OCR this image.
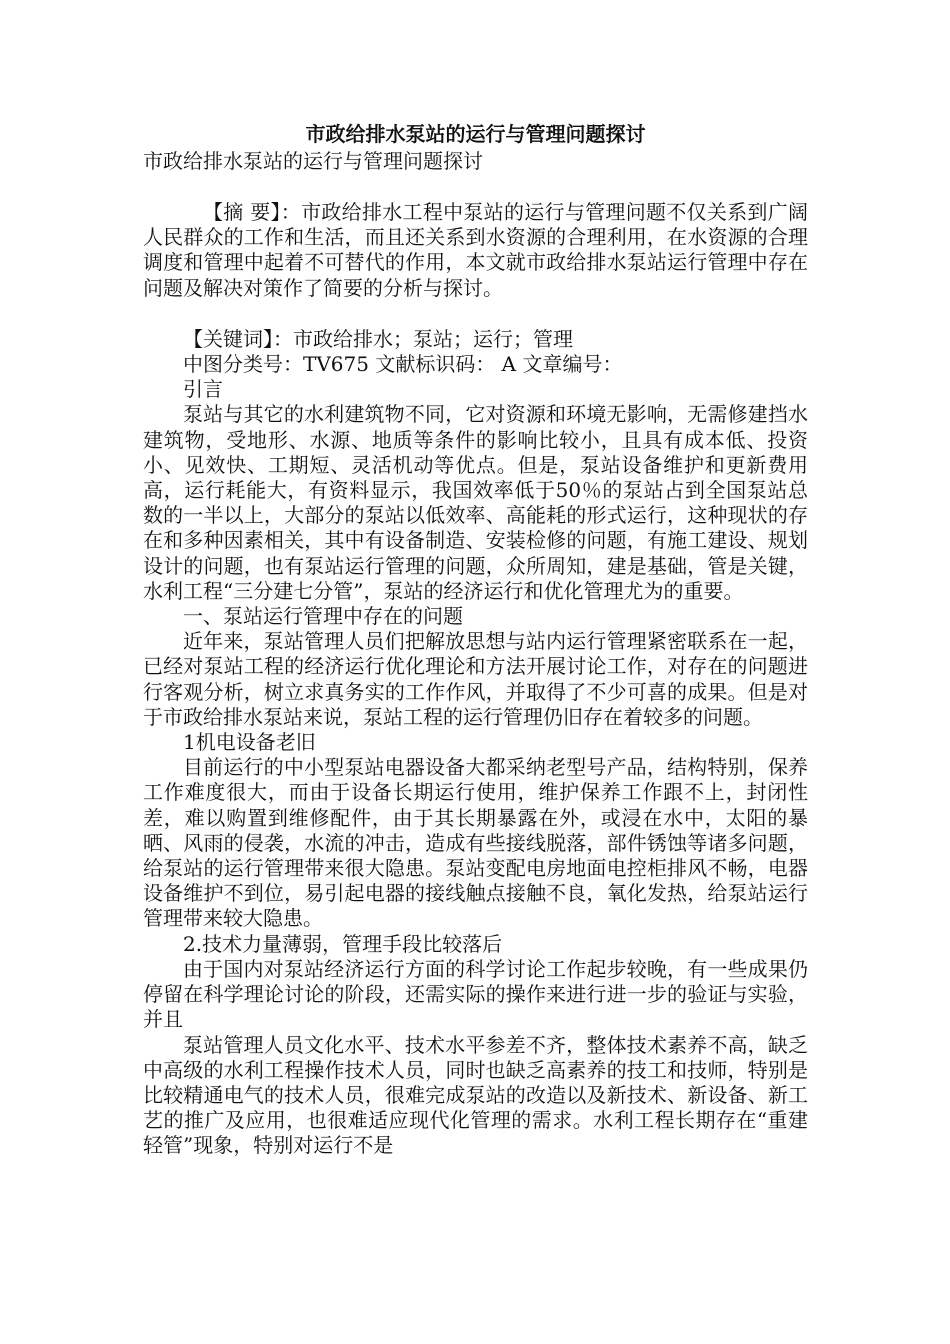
市政给排水泵站的运行与管理问题探讨

市政给排水泵站的运行与管理问题探讨

【摘 要】：市政给排水工程中泵站的运行与管理问题不仅关系到广阔人民群众的工作和生活，而且还关系到水资源的合理利用，在水资源的合理调度和管理中起着不可替代的作用，本文就市政给排水泵站运行管理中存在问题及解决对策作了简要的分析与探讨。

【关键词】：市政给排水；泵站；运行；管理

中图分类号：TV675 文献标识码： A 文章编号：

引言

泵站与其它的水利建筑物不同，它对资源和环境无影响，无需修建挡水建筑物，受地形、水源、地质等条件的影响比较小，且具有成本低、投资小、见效快、工期短、灵活机动等优点。但是，泵站设备维护和更新费用高，运行耗能大，有资料显示，我国效率低于50％的泵站占到全国泵站总数的一半以上，大部分的泵站以低效率、高能耗的形式运行，这种现状的存在和多种因素相关，其中有设备制造、安装检修的问题，有施工建设、规划设计的问题，也有泵站运行管理的问题，众所周知，建是基础，管是关键，水利工程“三分建七分管”，泵站的经济运行和优化管理尤为的重要。

一、泵站运行管理中存在的问题

近年来，泵站管理人员们把解放思想与站内运行管理紧密联系在一起，已经对泵站工程的经济运行优化理论和方法开展讨论工作，对存在的问题进行客观分析，树立求真务实的工作作风，并取得了不少可喜的成果。但是对于市政给排水泵站来说，泵站工程的运行管理仍旧存在着较多的问题。

1机电设备老旧

目前运行的中小型泵站电器设备大都采纳老型号产品，结构特别，保养工作难度很大，而由于设备长期运行使用，维护保养工作跟不上，封闭性差，难以购置到维修配件，由于其长期暴露在外，或浸在水中，太阳的暴晒、风雨的侵袭，水流的冲击，造成有些接线脱落，部件锈蚀等诸多问题，给泵站的运行管理带来很大隐患。泵站变配电房地面电控柜排风不畅，电器设备维护不到位，易引起电器的接线触点接触不良，氧化发热，给泵站运行管理带来较大隐患。

2.技术力量薄弱，管理手段比较落后

由于国内对泵站经济运行方面的科学讨论工作起步较晚，有一些成果仍停留在科学理论讨论的阶段，还需实际的操作来进行进一步的验证与实验，并且

泵站管理人员文化水平、技术水平参差不齐，整体技术素养不高，缺乏中高级的水利工程操作技术人员，同时也缺乏高素养的技工和技师，特别是比较精通电气的技术人员，很难完成泵站的改造以及新技术、新设备、新工艺的推广及应用，也很难适应现代化管理的需求。水利工程长期存在“重建轻管”现象，特别对运行不是
